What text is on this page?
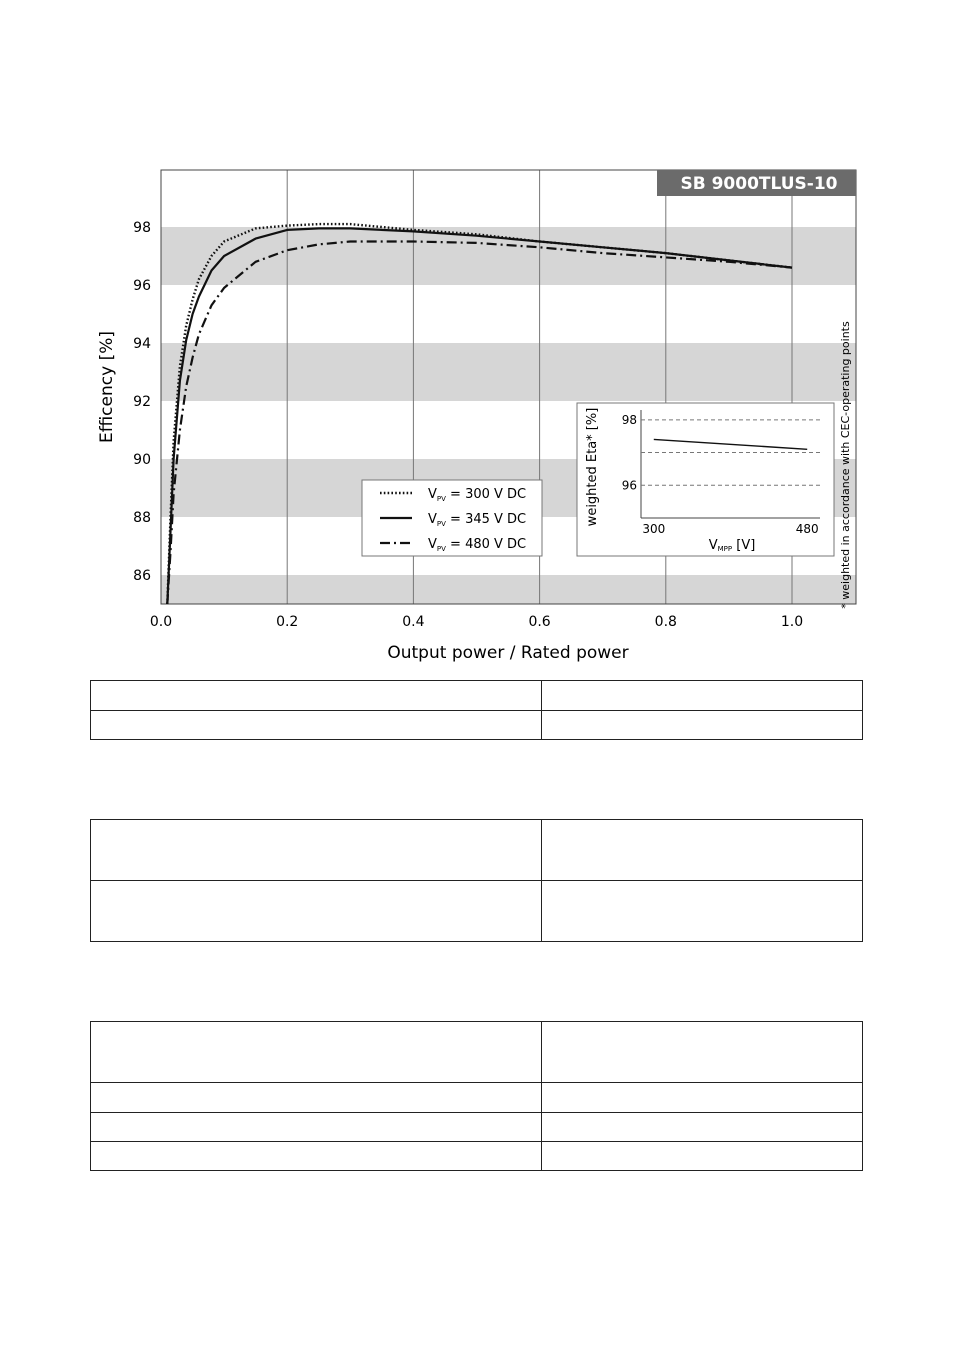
SB 9000TLUS-10
86
88
90
92
94
96
98
0.0	0.2	0.4	0.6	0.8	1.0
Output power / Rated power
Efficency [%]
$V_{PV} = 300$ V DC
$V_{PV} = 345$ V DC
$V_{PV} = 480$ V DC
98
96
300	480
weighted Eta* [%]
VMPP [V]	* weighted in accordance with CEC-operating points
